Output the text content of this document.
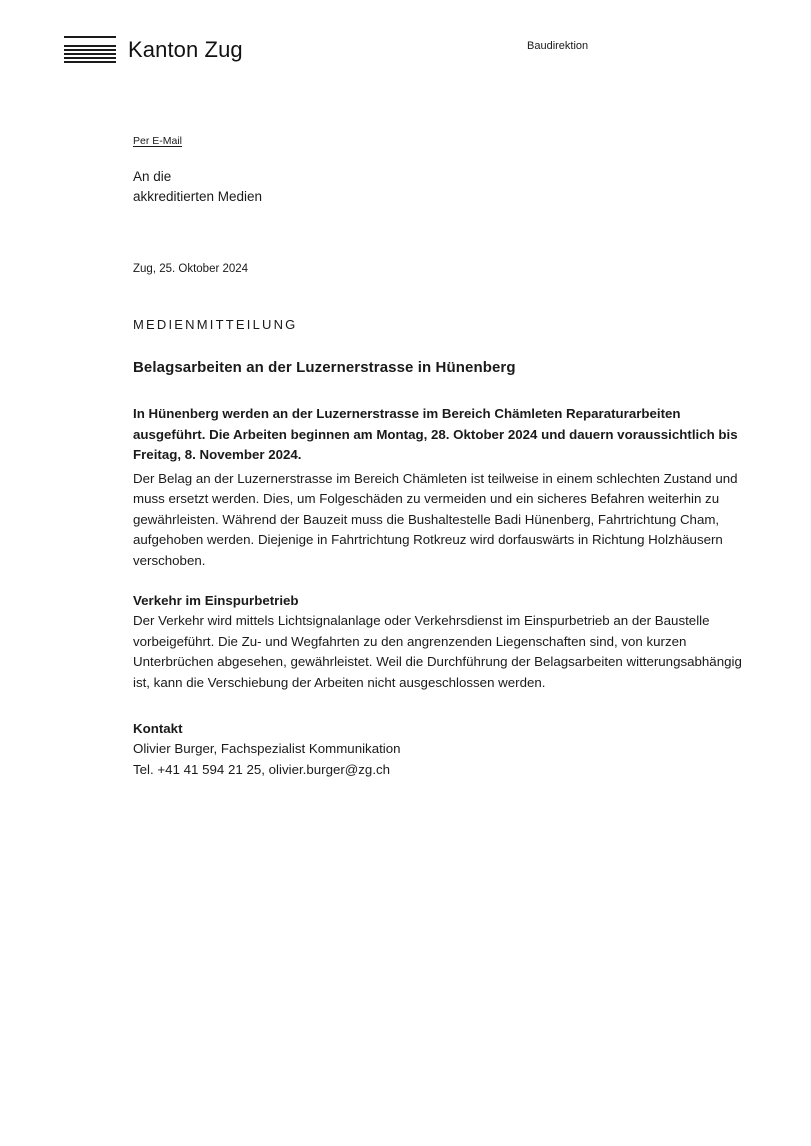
Kanton Zug	Baudirektion
Per E-Mail
An die
akkreditierten Medien
Zug, 25. Oktober 2024
MEDIENMITTEILUNG
Belagsarbeiten an der Luzernerstrasse in Hünenberg

In Hünenberg werden an der Luzernerstrasse im Bereich Chämleten Reparaturarbeiten ausgeführt. Die Arbeiten beginnen am Montag, 28. Oktober 2024 und dauern voraussichtlich bis Freitag, 8. November 2024.

Der Belag an der Luzernerstrasse im Bereich Chämleten ist teilweise in einem schlechten Zustand und muss ersetzt werden. Dies, um Folgeschäden zu vermeiden und ein sicheres Befahren weiterhin zu gewährleisten. Während der Bauzeit muss die Bushaltestelle Badi Hünenberg, Fahrtrichtung Cham, aufgehoben werden. Diejenige in Fahrtrichtung Rotkreuz wird dorfauswärts in Richtung Holzhäusern verschoben.

Verkehr im Einspurbetrieb

Der Verkehr wird mittels Lichtsignalanlage oder Verkehrsdienst im Einspurbetrieb an der Baustelle vorbeigeführt. Die Zu- und Wegfahrten zu den angrenzenden Liegenschaften sind, von kurzen Unterbrüchen abgesehen, gewährleistet. Weil die Durchführung der Belagsarbeiten witterungsabhängig ist, kann die Verschiebung der Arbeiten nicht ausgeschlossen werden.

Kontakt

Olivier Burger, Fachspezialist Kommunikation

Tel. +41 41 594 21 25, olivier.burger@zg.ch
